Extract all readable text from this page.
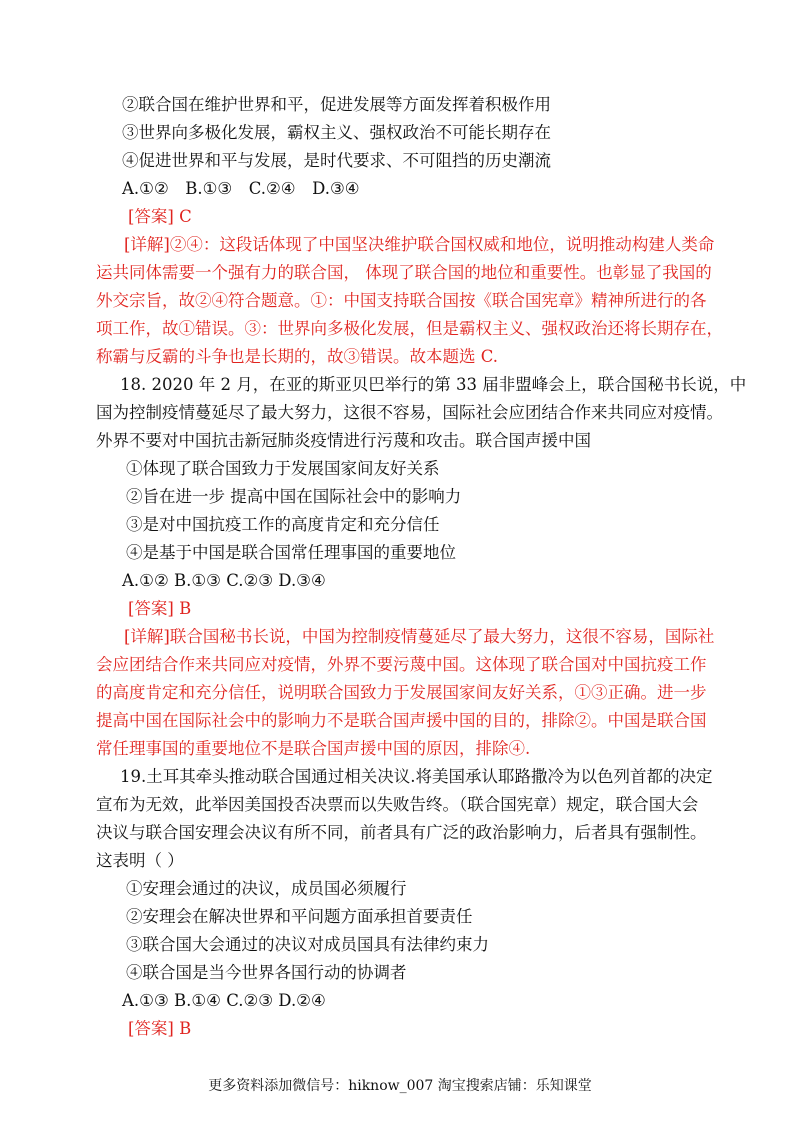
②联合国在维护世界和平，促进发展等方面发挥着积极作用
③世界向多极化发展，霸权主义、强权政治不可能长期存在
④促进世界和平与发展，是时代要求、不可阻挡的历史潮流
A.①②　B.①③　C.②④　D.③④
[答案] C
[详解]②④：这段话体现了中国坚决维护联合国权威和地位，说明推动构建人类命
运共同体需要一个强有力的联合国， 体现了联合国的地位和重要性。也彰显了我国的
外交宗旨，故②④符合题意。①：中国支持联合国按《联合国宪章》精神所进行的各
项工作，故①错误。③：世界向多极化发展，但是霸权主义、强权政治还将长期存在，
称霸与反霸的斗争也是长期的，故③错误。故本题选 C.
18. 2020 年 2 月，在亚的斯亚贝巴举行的第 33 届非盟峰会上，联合国秘书长说，中
国为控制疫情蔓延尽了最大努力，这很不容易，国际社会应团结合作来共同应对疫情。
外界不要对中国抗击新冠肺炎疫情进行污蔑和攻击。联合国声援中国
①体现了联合国致力于发展国家间友好关系
②旨在进一步 提高中国在国际社会中的影响力
③是对中国抗疫工作的高度肯定和充分信任
④是基于中国是联合国常任理事国的重要地位
A.①② B.①③ C.②③ D.③④
[答案] B
[详解]联合国秘书长说，中国为控制疫情蔓延尽了最大努力，这很不容易，国际社
会应团结合作来共同应对疫情，外界不要污蔑中国。这体现了联合国对中国抗疫工作
的高度肯定和充分信任，说明联合国致力于发展国家间友好关系，①③正确。进一步
提高中国在国际社会中的影响力不是联合国声援中国的目的，排除②。中国是联合国
常任理事国的重要地位不是联合国声援中国的原因，排除④.
19.土耳其牵头推动联合国通过相关决议.将美国承认耶路撒冷为以色列首都的决定
宣布为无效，此举因美国投否决票而以失败告终。（联合国宪章）规定，联合国大会
决议与联合国安理会决议有所不同，前者具有广泛的政治影响力，后者具有强制性。
这表明（ ）
①安理会通过的决议，成员国必须履行
②安理会在解决世界和平问题方面承担首要责任
③联合国大会通过的决议对成员国具有法律约束力
④联合国是当今世界各国行动的协调者
A.①③ B.①④ C.②③ D.②④
[答案] B
更多资料添加微信号：hiknow_007 淘宝搜索店铺：乐知课堂
